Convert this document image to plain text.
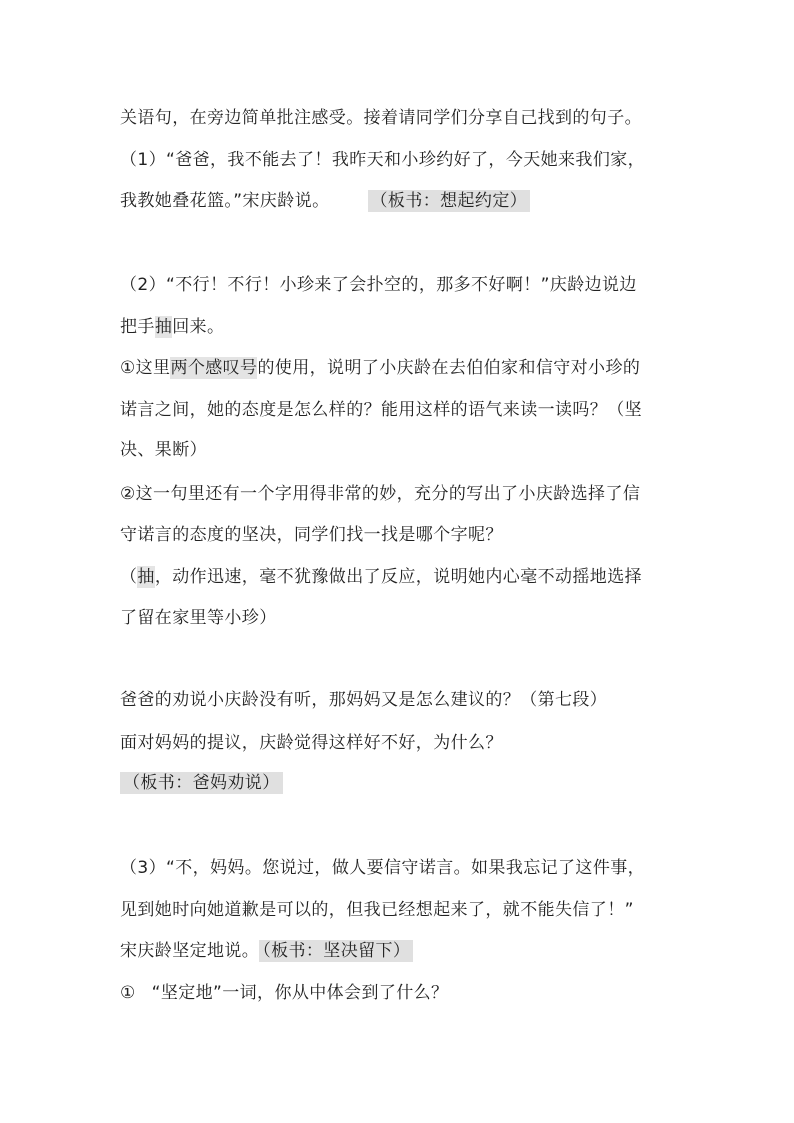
关语句，在旁边简单批注感受。接着请同学们分享自己找到的句子。
（1）“爸爸，我不能去了！我昨天和小珍约好了，今天她来我们家，
我教她叠花篮。”宋庆龄说。 （板书：想起约定）
（2）“不行！不行！小珍来了会扑空的，那多不好啊！”庆龄边说边
把手抽回来。
①这里两个感叹号的使用，说明了小庆龄在去伯伯家和信守对小珍的
诺言之间，她的态度是怎么样的？能用这样的语气来读一读吗？（坚
决、果断）
②这一句里还有一个字用得非常的妙，充分的写出了小庆龄选择了信
守诺言的态度的坚决，同学们找一找是哪个字呢？
（抽，动作迅速，毫不犹豫做出了反应，说明她内心毫不动摇地选择
了留在家里等小珍）
爸爸的劝说小庆龄没有听，那妈妈又是怎么建议的？（第七段）
面对妈妈的提议，庆龄觉得这样好不好，为什么？
（板书：爸妈劝说）
（3）“不，妈妈。您说过，做人要信守诺言。如果我忘记了这件事，
见到她时向她道歉是可以的，但我已经想起来了，就不能失信了！”
宋庆龄坚定地说。 （板书：坚决留下）
① “坚定地”一词，你从中体会到了什么？
